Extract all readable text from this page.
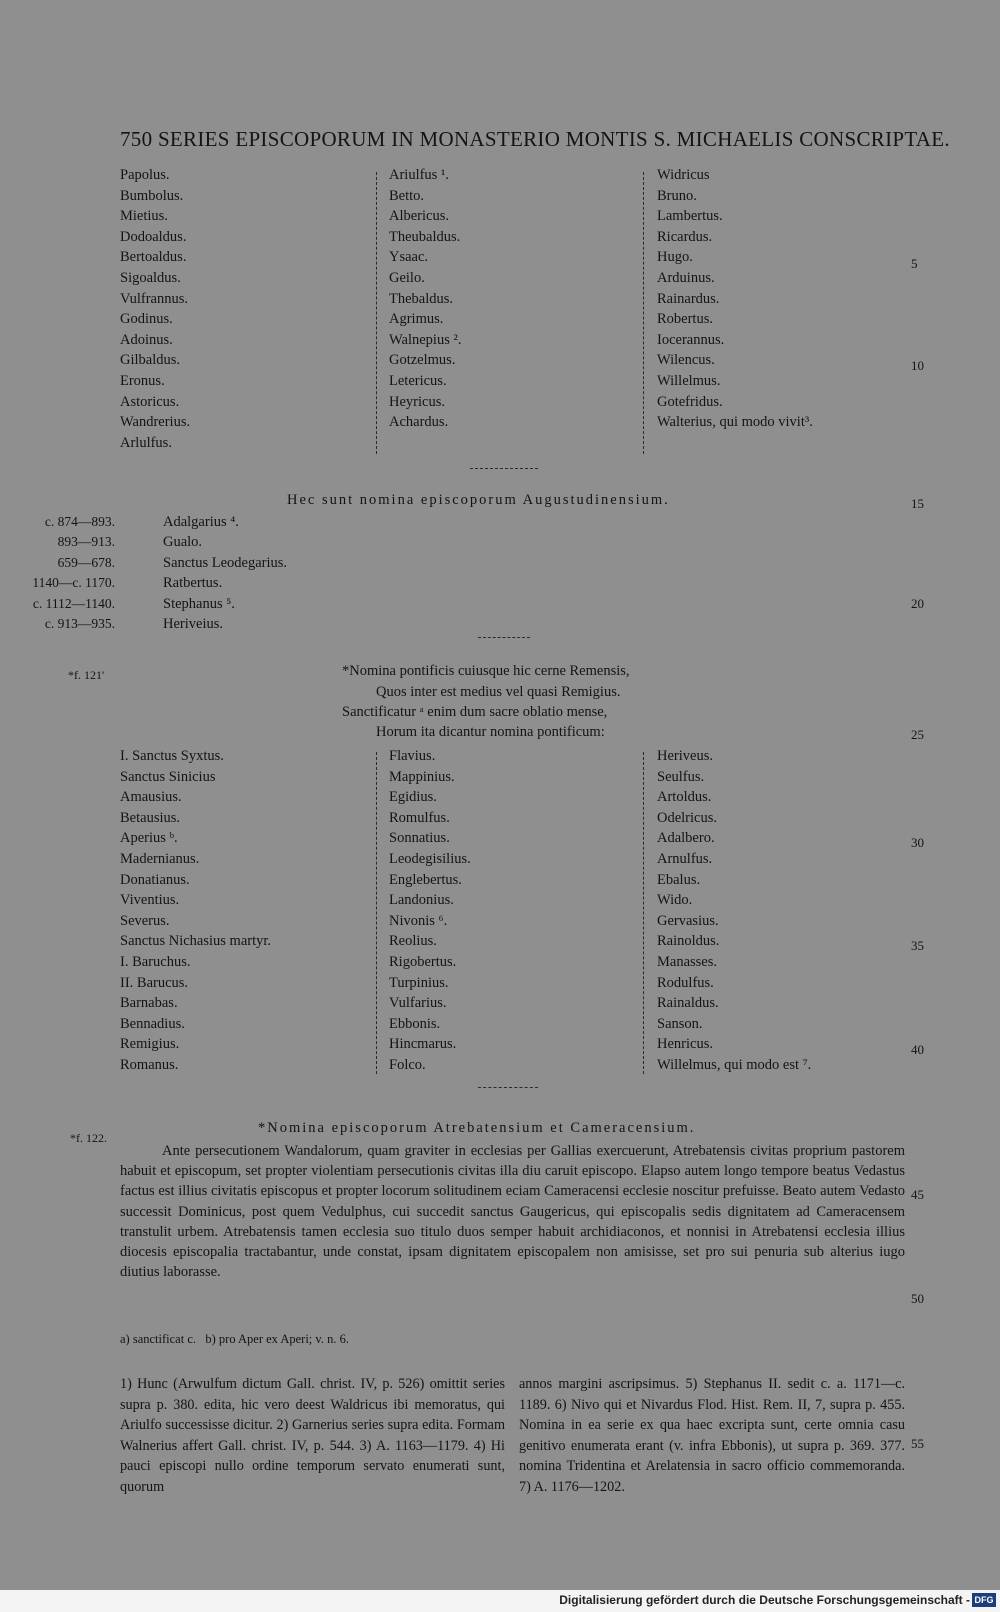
750 SERIES EPISCOPORUM IN MONASTERIO MONTIS S. MICHAELIS CONSCRIPTAE.
Papolus.
Bumbolus.
Mietius.
Dodoaldus.
Bertoaldus.
Sigoaldus.
Vulfrannus.
Godinus.
Adoinus.
Gilbaldus.
Eronus.
Astoricus.
Wandrerius.
Arlulfus.
Ariulfus ¹.
Betto.
Albericus.
Theubaldus.
Ysaac.
Geilo.
Thebaldus.
Agrimus.
Walnepius ².
Gotzelmus.
Letericus.
Heyricus.
Achardus.
Widricus
Bruno.
Lambertus.
Ricardus.
Hugo.
Arduinus.
Rainardus.
Robertus.
Iocerannus.
Wilencus.
Willelmus.
Gotefridus.
Walterius, qui modo vivit³.
Hec sunt nomina episcoporum Augustudinensium.
c. 874—893.
893—913.
659—678.
1140—c. 1170.
c. 1112—1140.
c. 913—935.
Adalgarius ⁴.
Gualo.
Sanctus Leodegarius.
Ratbertus.
Stephanus ⁵.
Heriveius.
*f. 121'	*Nomina pontificis cuiusque hic cerne Remensis,
Quos inter est medius vel quasi Remigius.
Sanctificatur ᵃ enim dum sacre oblatio mense,
Horum ita dicantur nomina pontificum:
I. Sanctus Syxtus.
Sanctus Sinicius
Amausius.
Betausius.
Aperius ᵇ.
Madernianus.
Donatianus.
Viventius.
Severus.
Sanctus Nichasius martyr.
I. Baruchus.
II. Barucus.
Barnabas.
Bennadius.
Remigius.
Romanus.
Flavius.
Mappinius.
Egidius.
Romulfus.
Sonnatius.
Leodegisilius.
Englebertus.
Landonius.
Nivonis ⁶.
Reolius.
Rigobertus.
Turpinius.
Vulfarius.
Ebbonis.
Hincmarus.
Folco.
Heriveus.
Seulfus.
Artoldus.
Odelricus.
Adalbero.
Arnulfus.
Ebalus.
Wido.
Gervasius.
Rainoldus.
Manasses.
Rodulfus.
Rainaldus.
Sanson.
Henricus.
Willelmus, qui modo est ⁷.
*f. 122.
*Nomina episcoporum Atrebatensium et Cameracensium.
Ante persecutionem Wandalorum, quam graviter in ecclesias per Gallias exercuerunt, Atrebatensis civitas proprium pastorem habuit et episcopum, set propter violentiam persecutionis civitas illa diu caruit episcopo. Elapso autem longo tempore beatus Vedastus factus est illius civitatis episcopus et propter locorum solitudinem eciam Cameracensi ecclesie noscitur prefuisse. Beato autem Vedasto successit Dominicus, post quem Vedulphus, cui succedit sanctus Gaugericus, qui episcopalis sedis dignitatem ad Cameracensem transtulit urbem. Atrebatensis tamen ecclesia suo titulo duos semper habuit archidiaconos, et nonnisi in Atrebatensi ecclesia illius diocesis episcopalia tractabantur, unde constat, ipsam dignitatem episcopalem non amisisse, set pro sui penuria sub alterius iugo diutius laborasse.
a) sanctificat c.   b) pro Aper ex Aperi; v. n. 6.
1) Hunc (Arwulfum dictum Gall. christ. IV, p. 526) omittit series supra p. 380. edita, hic vero deest Waldricus ibi memoratus, qui Ariulfo successisse dicitur. 2) Garnerius series supra edita. Formam Walnerius affert Gall. christ. IV, p. 544. 3) A. 1163—1179. 4) Hi pauci episcopi nullo ordine temporum servato enumerati sunt, quorum
annos margini ascripsimus. 5) Stephanus II. sedit c. a. 1171—c. 1189. 6) Nivo qui et Nivardus Flod. Hist. Rem. II, 7, supra p. 455. Nomina in ea serie ex qua haec excripta sunt, certe omnia casu genitivo enumerata erant (v. infra Ebbonis), ut supra p. 369. 377. nomina Tridentina et Arelatensia in sacro officio commemoranda. 7) A. 1176—1202.
5
10
15
20
25
30
35
40
45
50
55
Digitalisierung gefördert durch die Deutsche Forschungsgemeinschaft - DFG
